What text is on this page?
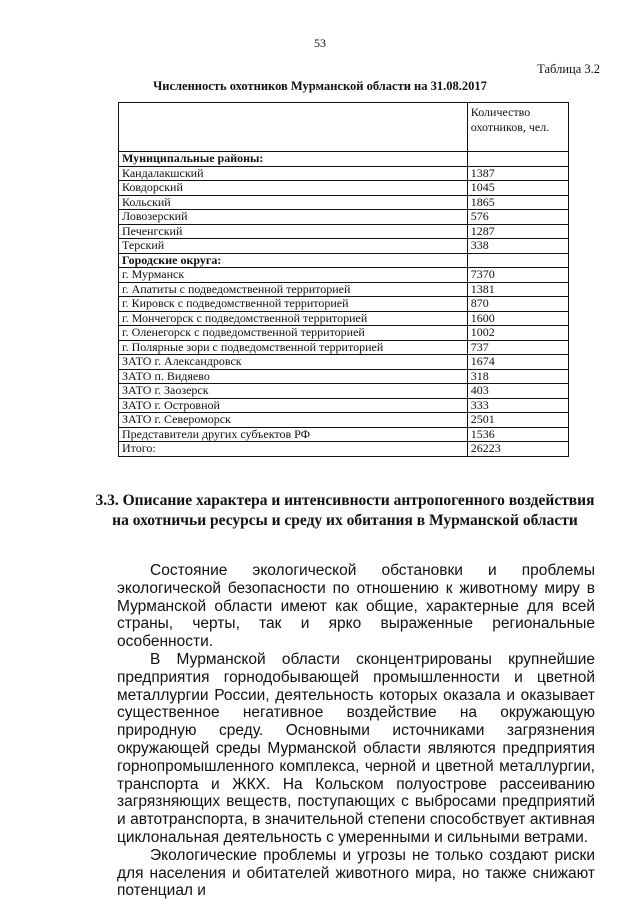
53
Таблица 3.2
Численность охотников Мурманской области на 31.08.2017
	Количество охотников, чел.
Муниципальные районы:	
Кандалакшский	1387
Ковдорский	1045
Кольский	1865
Ловозерский	576
Печенгский	1287
Терский	338
Городские округа:	
г. Мурманск	7370
г. Апатиты с подведомственной территорией	1381
г. Кировск с подведомственной территорией	870
г. Мончегорск с подведомственной территорией	1600
г. Оленегорск с подведомственной территорией	1002
г. Полярные зори с подведомственной территорией	737
ЗАТО г. Александровск	1674
ЗАТО п. Видяево	318
ЗАТО г. Заозерск	403
ЗАТО г. Островной	333
ЗАТО г. Североморск	2501
Представители других субъектов РФ	1536
Итого:	26223
3.3. Описание характера и интенсивности антропогенного воздействия на охотничьи ресурсы и среду их обитания в Мурманской области

Состояние экологической обстановки и проблемы экологической безопасности по отношению к животному миру в Мурманской области имеют как общие, характерные для всей страны, черты, так и ярко выраженные региональные особенности.

В Мурманской области сконцентрированы крупнейшие предприятия горнодобывающей промышленности и цветной металлургии России, деятельность которых оказала и оказывает существенное негативное воздействие на окружающую природную среду. Основными источниками загрязнения окружающей среды Мурманской области являются предприятия горнопромышленного комплекса, черной и цветной металлургии, транспорта и ЖКХ. На Кольском полуострове рассеиванию загрязняющих веществ, поступающих с выбросами предприятий и автотранспорта, в значительной степени способствует активная циклональная деятельность с умеренными и сильными ветрами.

Экологические проблемы и угрозы не только создают риски для населения и обитателей животного мира, но также снижают потенциал и
